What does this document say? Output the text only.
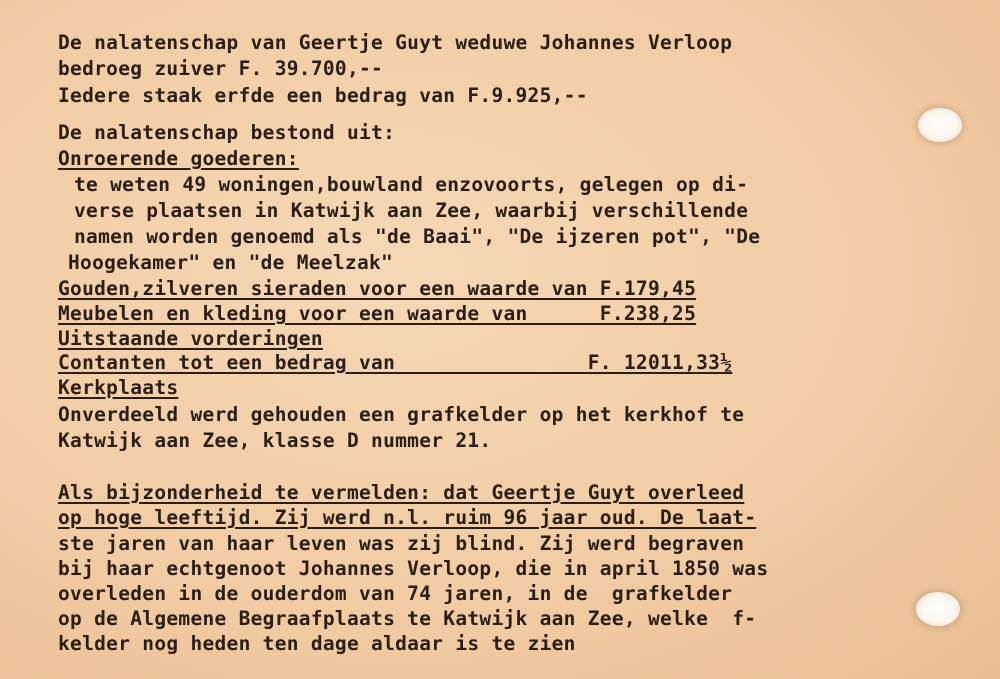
De nalatenschap van Geertje Guyt weduwe Johannes Verloop
bedroeg zuiver F. 39.700,--
Iedere staak erfde een bedrag van F.9.925,--
De nalatenschap bestond uit:
Onroerende goederen:
te weten 49 woningen,bouwland enzovoorts, gelegen op di-
verse plaatsen in Katwijk aan Zee, waarbij verschillende
namen worden genoemd als "de Baai", "De ijzeren pot", "De
Hoogekamer" en "de Meelzak"
Gouden,zilveren sieraden voor een waarde van F.179,45
Meubelen en kleding voor een waarde van      F.238,25
Uitstaande vorderingen
Contanten tot een bedrag van                F. 12011,33½
Kerkplaats
Onverdeeld werd gehouden een grafkelder op het kerkhof te
Katwijk aan Zee, klasse D nummer 21.
Als bijzonderheid te vermelden: dat Geertje Guyt overleed
op hoge leeftijd. Zij werd n.l. ruim 96 jaar oud. De laat-
ste jaren van haar leven was zij blind. Zij werd begraven
bij haar echtgenoot Johannes Verloop, die in april 1850 was
overleden in de ouderdom van 74 jaren, in de  grafkelder
op de Algemene Begraafplaats te Katwijk aan Zee, welke  f-
kelder nog heden ten dage aldaar is te zien
